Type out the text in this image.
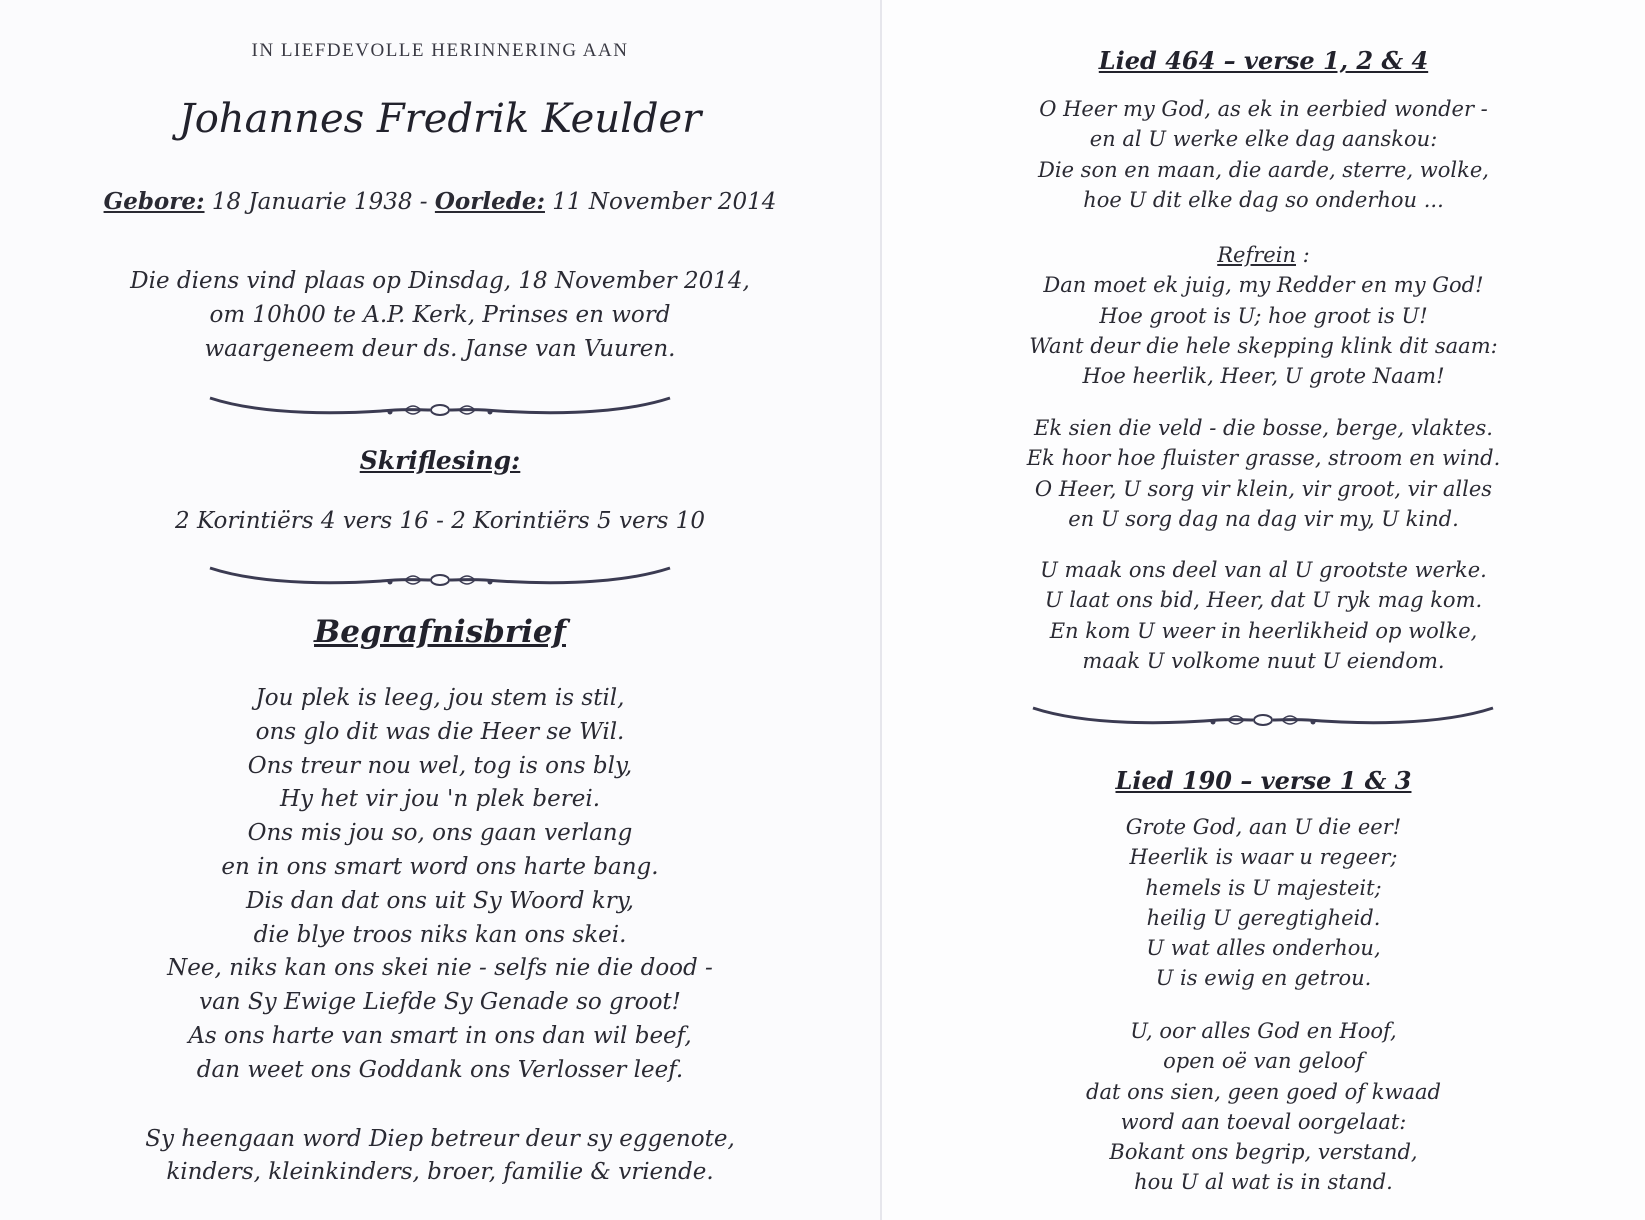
IN LIEFDEVOLLE HERINNERING AAN
Johannes Fredrik Keulder
Gebore: 18 Januarie 1938 - Oorlede: 11 November 2014
Die diens vind plaas op Dinsdag, 18 November 2014,
om 10h00 te A.P. Kerk, Prinses en word
waargeneem deur ds. Janse van Vuuren.
Skriflesing:
2 Korintiërs 4 vers 16 - 2 Korintiërs 5 vers 10
Begrafnisbrief
Jou plek is leeg, jou stem is stil,
ons glo dit was die Heer se Wil.
Ons treur nou wel, tog is ons bly,
Hy het vir jou 'n plek berei.
Ons mis jou so, ons gaan verlang
en in ons smart word ons harte bang.
Dis dan dat ons uit Sy Woord kry,
die blye troos niks kan ons skei.
Nee, niks kan ons skei nie - selfs nie die dood -
van Sy Ewige Liefde Sy Genade so groot!
As ons harte van smart in ons dan wil beef,
dan weet ons Goddank ons Verlosser leef.
Sy heengaan word Diep betreur deur sy eggenote,
kinders, kleinkinders, broer, familie & vriende.
Lied 464 – verse 1, 2 & 4
O Heer my God, as ek in eerbied wonder -
en al U werke elke dag aanskou:
Die son en maan, die aarde, sterre, wolke,
hoe U dit elke dag so onderhou ...
Refrein :
Dan moet ek juig, my Redder en my God!
Hoe groot is U; hoe groot is U!
Want deur die hele skepping klink dit saam:
Hoe heerlik, Heer, U grote Naam!
Ek sien die veld - die bosse, berge, vlaktes.
Ek hoor hoe fluister grasse, stroom en wind.
O Heer, U sorg vir klein, vir groot, vir alles
en U sorg dag na dag vir my, U kind.
U maak ons deel van al U grootste werke.
U laat ons bid, Heer, dat U ryk mag kom.
En kom U weer in heerlikheid op wolke,
maak U volkome nuut U eiendom.
Lied 190 – verse 1 & 3
Grote God, aan U die eer!
Heerlik is waar u regeer;
hemels is U majesteit;
heilig U geregtigheid.
U wat alles onderhou,
U is ewig en getrou.
U, oor alles God en Hoof,
open oë van geloof
dat ons sien, geen goed of kwaad
word aan toeval oorgelaat:
Bokant ons begrip, verstand,
hou U al wat is in stand.
